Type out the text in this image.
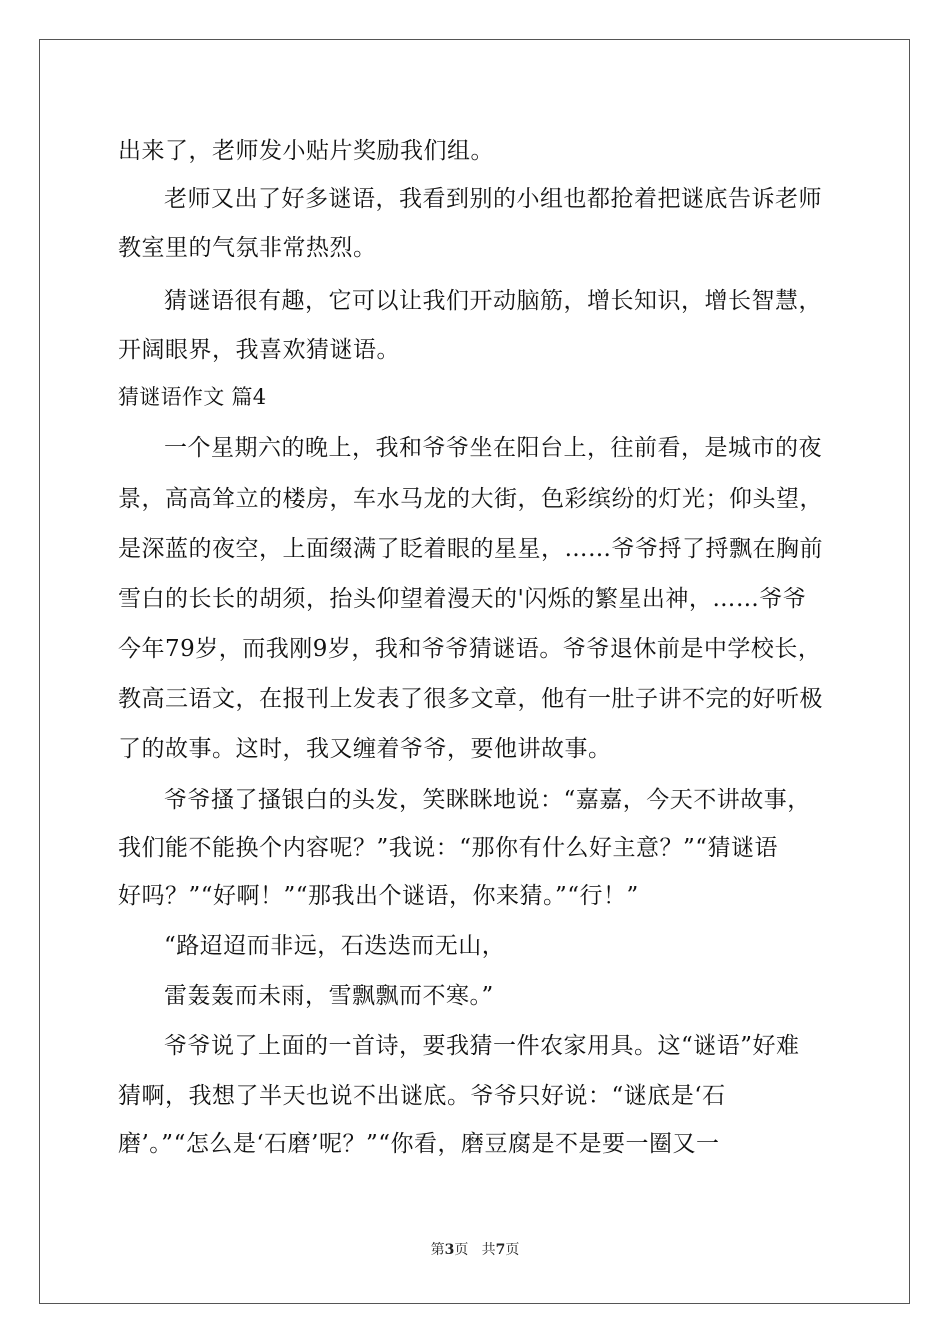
出来了，老师发小贴片奖励我们组。
老师又出了好多谜语，我看到别的小组也都抢着把谜底告诉老师
教室里的气氛非常热烈。
猜谜语很有趣，它可以让我们开动脑筋，增长知识，增长智慧，
开阔眼界，我喜欢猜谜语。
猜谜语作文 篇4
一个星期六的晚上，我和爷爷坐在阳台上，往前看，是城市的夜
景，高高耸立的楼房，车水马龙的大街，色彩缤纷的灯光；仰头望，
是深蓝的夜空，上面缀满了眨着眼的星星，……爷爷捋了捋飘在胸前
雪白的长长的胡须，抬头仰望着漫天的'闪烁的繁星出神，……爷爷
今年79岁，而我刚9岁，我和爷爷猜谜语。爷爷退休前是中学校长，
教高三语文，在报刊上发表了很多文章，他有一肚子讲不完的好听极
了的故事。这时，我又缠着爷爷，要他讲故事。
爷爷搔了搔银白的头发，笑眯眯地说：“嘉嘉，今天不讲故事，
我们能不能换个内容呢？”我说：“那你有什么好主意？”“猜谜语
好吗？”“好啊！”“那我出个谜语，你来猜。”“行！”
“路迢迢而非远，石迭迭而无山，
雷轰轰而未雨，雪飘飘而不寒。”
爷爷说了上面的一首诗，要我猜一件农家用具。这“谜语”好难
猜啊，我想了半天也说不出谜底。爷爷只好说：“谜底是‘石
磨’。”“怎么是‘石磨’呢？”“你看，磨豆腐是不是要一圈又一
第3页 共7页
